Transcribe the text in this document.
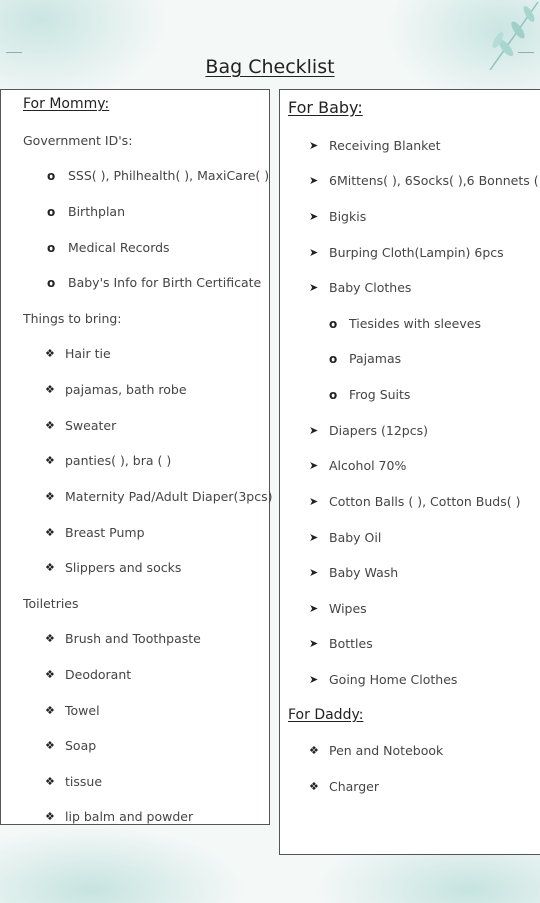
Bag Checklist
For Mommy:
Government ID's:
o SSS( ), Philhealth( ), MaxiCare( )
o Birthplan
o Medical Records
o Baby's Info for Birth Certificate
Things to bring:
❖ Hair tie
❖ pajamas, bath robe
❖ Sweater
❖ panties( ), bra ( )
❖ Maternity Pad/Adult Diaper(3pcs)
❖ Breast Pump
❖ Slippers and socks
Toiletries
❖ Brush and Toothpaste
❖ Deodorant
❖ Towel
❖ Soap
❖ tissue
❖ lip balm and powder
For Baby:
➤ Receiving Blanket
➤ 6Mittens( ), 6Socks( ),6 Bonnets (
➤ Bigkis
➤ Burping Cloth(Lampin) 6pcs
➤ Baby Clothes
o Tiesides with sleeves
o Pajamas
o Frog Suits
➤ Diapers (12pcs)
➤ Alcohol 70%
➤ Cotton Balls ( ), Cotton Buds( )
➤ Baby Oil
➤ Baby Wash
➤ Wipes
➤ Bottles
➤ Going Home Clothes
For Daddy:
❖ Pen and Notebook
❖ Charger
